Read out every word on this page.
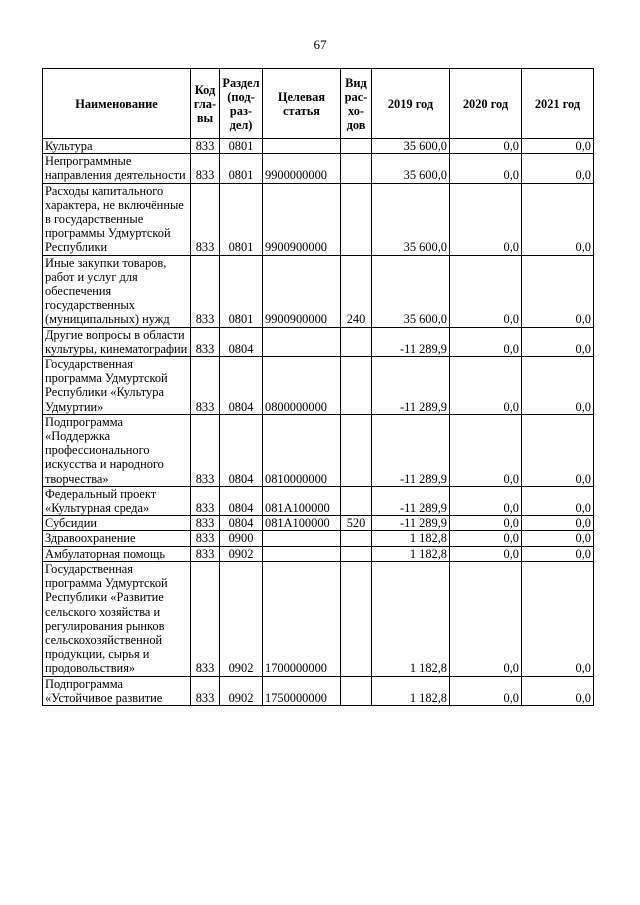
67
Наименование	Код гла-вы	Раздел (под-раз-дел)	Целевая статья	Вид рас-хо-дов	2019 год	2020 год	2021 год
Культура	833	0801			35 600,0	0,0	0,0
Непрограммные направления деятельности	833	0801	9900000000		35 600,0	0,0	0,0
Расходы капитального характера, не включённые в государственные программы Удмуртской Республики	833	0801	9900900000		35 600,0	0,0	0,0
Иные закупки товаров, работ и услуг для обеспечения государственных (муниципальных) нужд	833	0801	9900900000	240	35 600,0	0,0	0,0
Другие вопросы в области культуры, кинематографии	833	0804			-11 289,9	0,0	0,0
Государственная программа Удмуртской Республики «Культура Удмуртии»	833	0804	0800000000		-11 289,9	0,0	0,0
Подпрограмма «Поддержка профессионального искусства и народного творчества»	833	0804	0810000000		-11 289,9	0,0	0,0
Федеральный проект «Культурная среда»	833	0804	081A100000		-11 289,9	0,0	0,0
Субсидии	833	0804	081A100000	520	-11 289,9	0,0	0,0
Здравоохранение	833	0900			1 182,8	0,0	0,0
Амбулаторная помощь	833	0902			1 182,8	0,0	0,0
Государственная программа Удмуртской Республики «Развитие сельского хозяйства и регулирования рынков сельскохозяйственной продукции, сырья и продовольствия»	833	0902	1700000000		1 182,8	0,0	0,0
Подпрограмма «Устойчивое развитие	833	0902	1750000000		1 182,8	0,0	0,0
